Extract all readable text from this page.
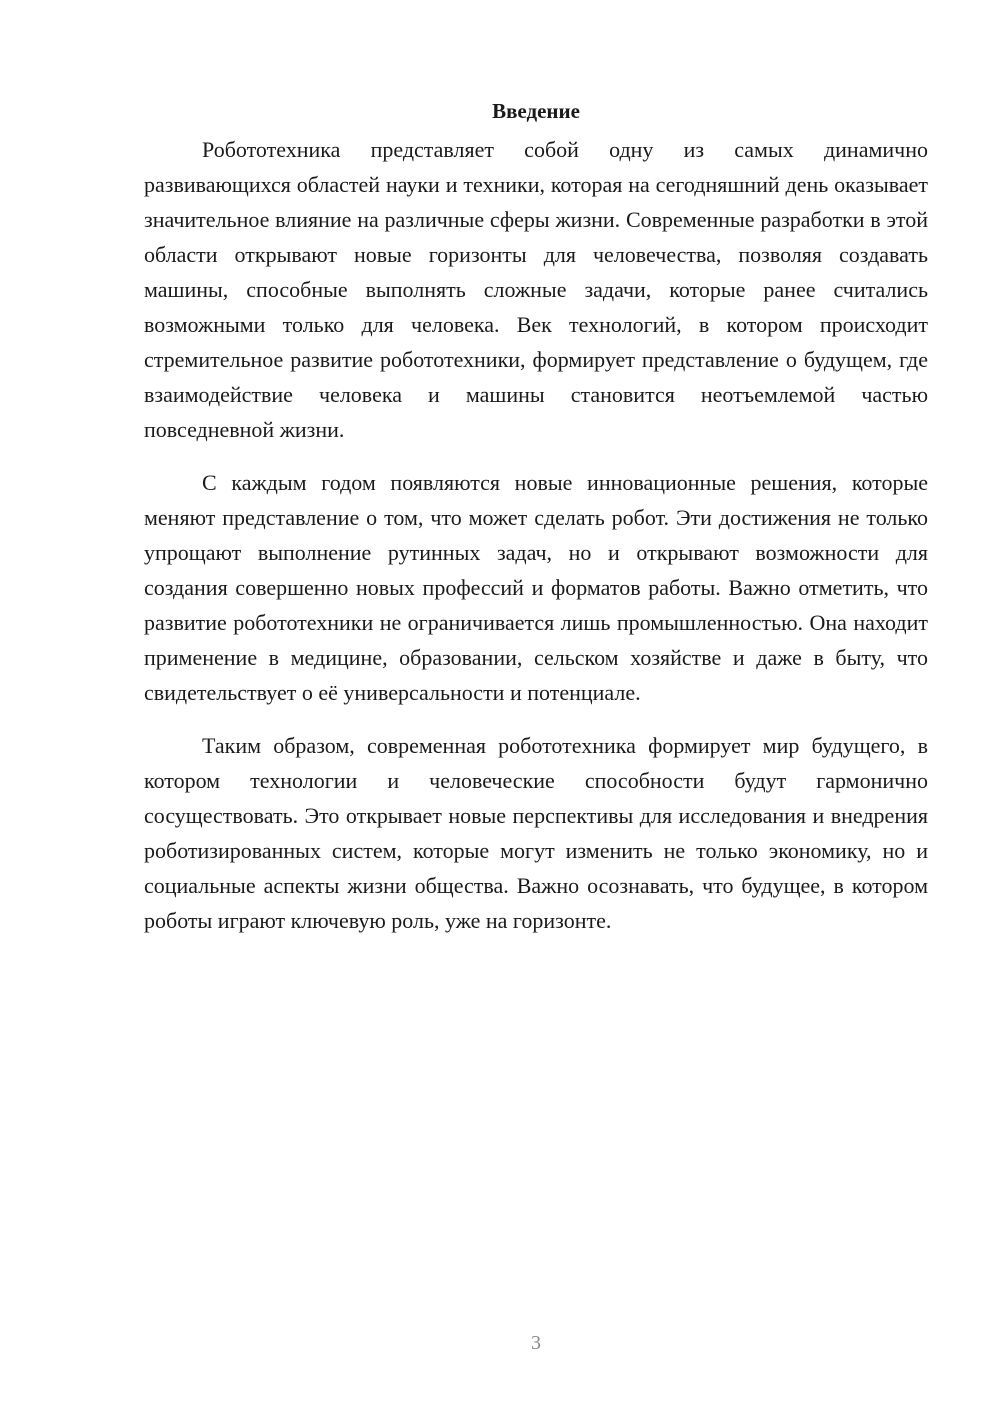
Введение

Робототехника представляет собой одну из самых динамично развивающихся областей науки и техники, которая на сегодняшний день оказывает значительное влияние на различные сферы жизни. Современные разработки в этой области открывают новые горизонты для человечества, позволяя создавать машины, способные выполнять сложные задачи, которые ранее считались возможными только для человека. Век технологий, в котором происходит стремительное развитие робототехники, формирует представление о будущем, где взаимодействие человека и машины становится неотъемлемой частью повседневной жизни.

С каждым годом появляются новые инновационные решения, которые меняют представление о том, что может сделать робот. Эти достижения не только упрощают выполнение рутинных задач, но и открывают возможности для создания совершенно новых профессий и форматов работы. Важно отметить, что развитие робототехники не ограничивается лишь промышленностью. Она находит применение в медицине, образовании, сельском хозяйстве и даже в быту, что свидетельствует о её универсальности и потенциале.

Таким образом, современная робототехника формирует мир будущего, в котором технологии и человеческие способности будут гармонично сосуществовать. Это открывает новые перспективы для исследования и внедрения роботизированных систем, которые могут изменить не только экономику, но и социальные аспекты жизни общества. Важно осознавать, что будущее, в котором роботы играют ключевую роль, уже на горизонте.

3
